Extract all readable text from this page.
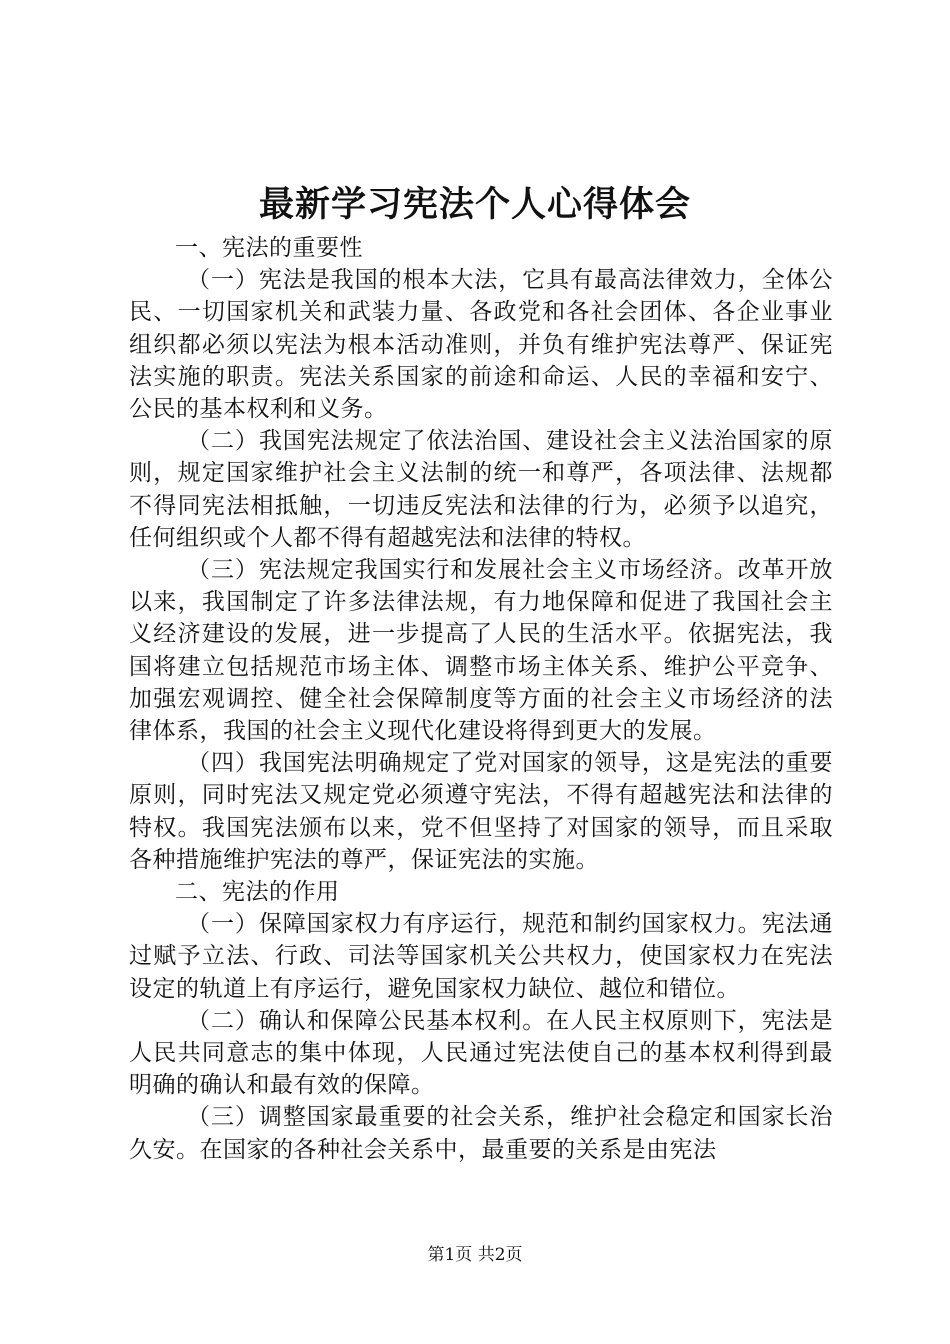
最新学习宪法个人心得体会

一、宪法的重要性

（一）宪法是我国的根本大法，它具有最高法律效力，全体公民、一切国家机关和武装力量、各政党和各社会团体、各企业事业组织都必须以宪法为根本活动准则，并负有维护宪法尊严、保证宪法实施的职责。宪法关系国家的前途和命运、人民的幸福和安宁、公民的基本权利和义务。

（二）我国宪法规定了依法治国、建设社会主义法治国家的原则，规定国家维护社会主义法制的统一和尊严，各项法律、法规都不得同宪法相抵触，一切违反宪法和法律的行为，必须予以追究，任何组织或个人都不得有超越宪法和法律的特权。

（三）宪法规定我国实行和发展社会主义市场经济。改革开放以来，我国制定了许多法律法规，有力地保障和促进了我国社会主义经济建设的发展，进一步提高了人民的生活水平。依据宪法，我国将建立包括规范市场主体、调整市场主体关系、维护公平竞争、加强宏观调控、健全社会保障制度等方面的社会主义市场经济的法律体系，我国的社会主义现代化建设将得到更大的发展。

（四）我国宪法明确规定了党对国家的领导，这是宪法的重要原则，同时宪法又规定党必须遵守宪法，不得有超越宪法和法律的特权。我国宪法颁布以来，党不但坚持了对国家的领导，而且采取各种措施维护宪法的尊严，保证宪法的实施。

二、宪法的作用

（一）保障国家权力有序运行，规范和制约国家权力。宪法通过赋予立法、行政、司法等国家机关公共权力，使国家权力在宪法设定的轨道上有序运行，避免国家权力缺位、越位和错位。

（二）确认和保障公民基本权利。在人民主权原则下，宪法是人民共同意志的集中体现，人民通过宪法使自己的基本权利得到最明确的确认和最有效的保障。

（三）调整国家最重要的社会关系，维护社会稳定和国家长治久安。在国家的各种社会关系中，最重要的关系是由宪法

第1页 共2页
